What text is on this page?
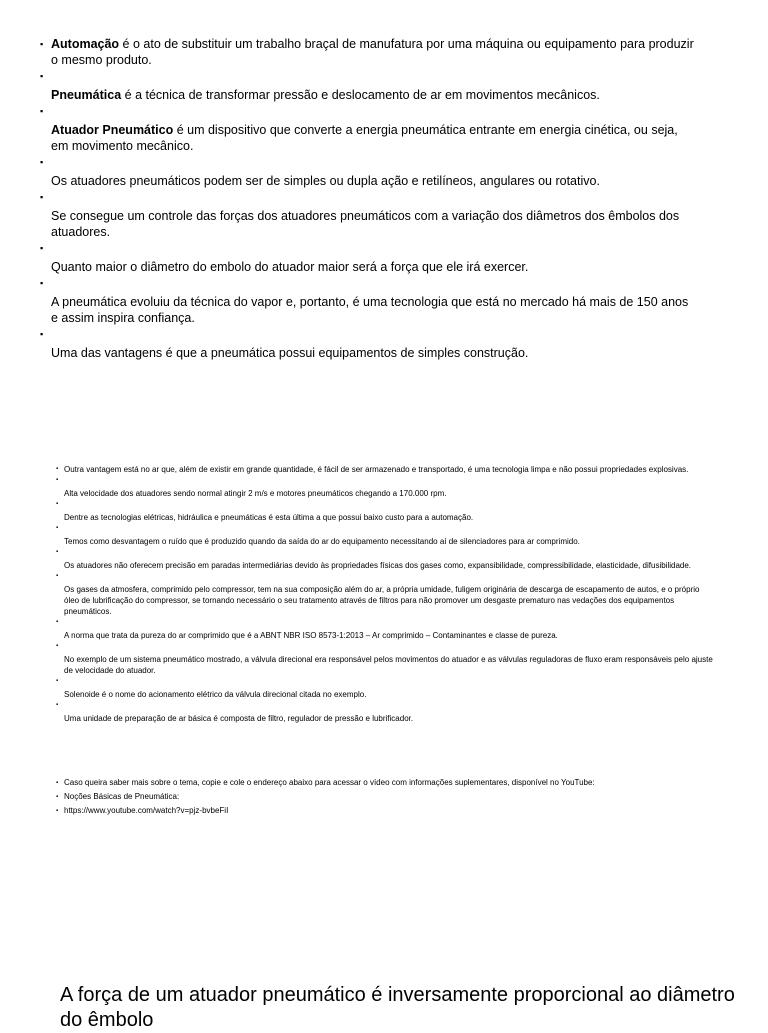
▪ Automação é o ato de substituir um trabalho braçal de manufatura por uma máquina ou equipamento para produzir o mesmo produto.
▪
Pneumática é a técnica de transformar pressão e deslocamento de ar em movimentos mecânicos.
▪
Atuador Pneumático é um dispositivo que converte a energia pneumática entrante em energia cinética, ou seja, em movimento mecânico.
▪
Os atuadores pneumáticos podem ser de simples ou dupla ação e retilíneos, angulares ou rotativo.
▪
Se consegue um controle das forças dos atuadores pneumáticos com a variação dos diâmetros dos êmbolos dos atuadores.
▪
Quanto maior o diâmetro do embolo do atuador maior será a força que ele irá exercer.
▪
A pneumática evoluiu da técnica do vapor e, portanto, é uma tecnologia que está no mercado há mais de 150 anos e assim inspira confiança.
▪
Uma das vantagens é que a pneumática possui equipamentos de simples construção.
▪ Outra vantagem está no ar que, além de existir em grande quantidade, é fácil de ser armazenado e transportado, é uma tecnologia limpa e não possui propriedades explosivas.
▪
Alta velocidade dos atuadores sendo normal atingir 2 m/s e motores pneumáticos chegando a 170.000 rpm.
▪
Dentre as tecnologias elétricas, hidráulica e pneumáticas é esta última a que possui baixo custo para a automação.
▪
Temos como desvantagem o ruído que é produzido quando da saída do ar do equipamento necessitando aí de silenciadores para ar comprimido.
▪
Os atuadores não oferecem precisão em paradas intermediárias devido às propriedades físicas dos gases como, expansibilidade, compressibilidade, elasticidade, difusibilidade.
▪
Os gases da atmosfera, comprimido pelo compressor, tem na sua composição além do ar, a própria umidade, fuligem originária de descarga de escapamento de autos, e o próprio óleo de lubrificação do compressor, se tornando necessário o seu tratamento através de filtros para não promover um desgaste prematuro nas vedações dos equipamentos pneumáticos.
▪
A norma que trata da pureza do ar comprimido que é a ABNT NBR ISO 8573-1:2013 – Ar comprimido – Contaminantes e classe de pureza.
▪
No exemplo de um sistema pneumático mostrado, a válvula direcional era responsável pelos movimentos do atuador e as válvulas reguladoras de fluxo eram responsáveis pelo ajuste de velocidade do atuador.
▪
Solenoide é o nome do acionamento elétrico da válvula direcional citada no exemplo.
▪
Uma unidade de preparação de ar básica é composta de filtro, regulador de pressão e lubrificador.
▪ Caso queira saber mais sobre o tema, copie e cole o endereço abaixo para acessar o vídeo com informações suplementares, disponível no YouTube:
▪ Noções Básicas de Pneumática:
▪ https://www.youtube.com/watch?v=pjz-bvbeFiI
A força de um atuador pneumático é inversamente proporcional ao diâmetro do êmbolo
